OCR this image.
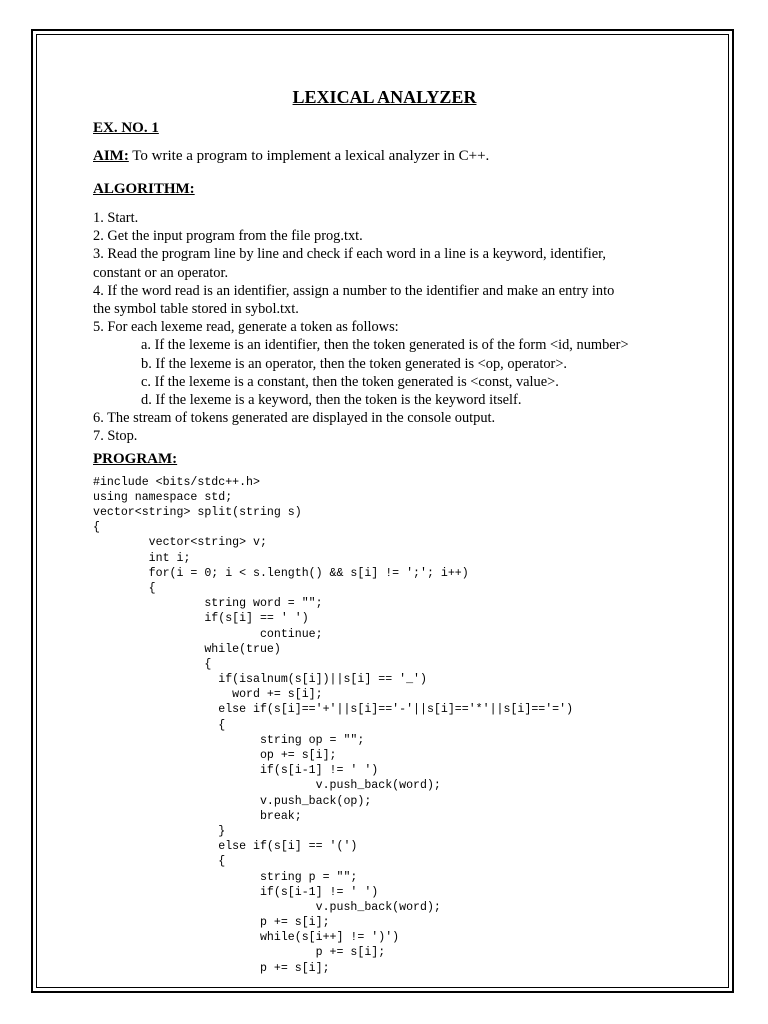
LEXICAL ANALYZER

EX. NO. 1

AIM: To write a program to implement a lexical analyzer in C++.

ALGORITHM:

1. Start.

2. Get the input program from the file prog.txt.

3. Read the program line by line and check if each word in a line is a keyword, identifier,

constant or an operator.

4. If the word read is an identifier, assign a number to the identifier and make an entry into

the symbol table stored in sybol.txt.

5. For each lexeme read, generate a token as follows:

a. If the lexeme is an identifier, then the token generated is of the form <id, number>

b. If the lexeme is an operator, then the token generated is <op, operator>.

c. If the lexeme is a constant, then the token generated is <const, value>.

d. If the lexeme is a keyword, then the token is the keyword itself.

6. The stream of tokens generated are displayed in the console output.

7. Stop.

PROGRAM:

#include <bits/stdc++.h>
using namespace std;
vector<string> split(string s)
{
vector<string> v;
int i;
for(i = 0; i < s.length() && s[i] != ';'; i++)
{
string word = "";
if(s[i] == ' ')
continue;
while(true)
{
if(isalnum(s[i])||s[i] == '_')
word += s[i];
else if(s[i]=='+'||s[i]=='-'||s[i]=='*'||s[i]=='=')
{
string op = "";
op += s[i];
if(s[i-1] != ' ')
v.push_back(word);
v.push_back(op);
break;
}
else if(s[i] == '(')
{
string p = "";
if(s[i-1] != ' ')
v.push_back(word);
p += s[i];
while(s[i++] != ')')
p += s[i];
p += s[i];
